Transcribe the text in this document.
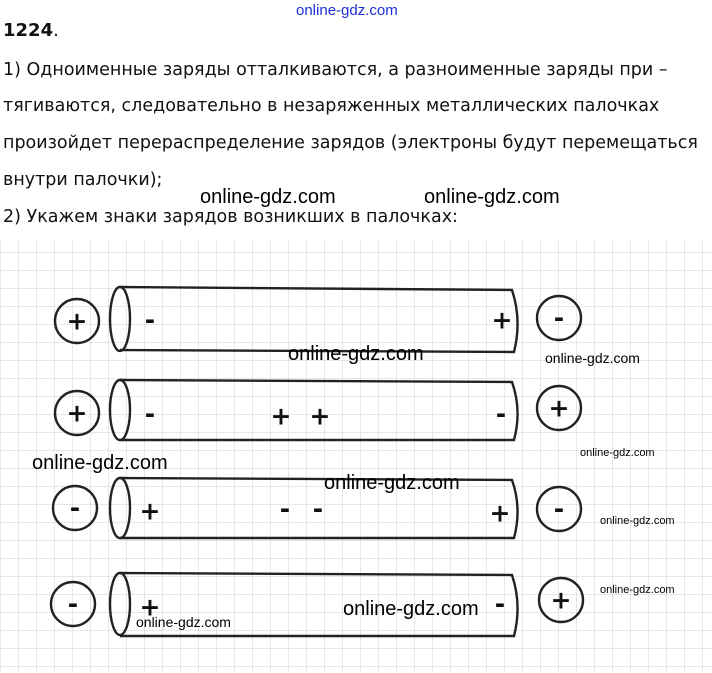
online-gdz.com
1224.
1) Одноименные заряды отталкиваются, а разноименные заряды при –
тягиваются, следовательно в незаряженных металлических палочках
произойдет перераспределение зарядов (электроны будут перемещаться
внутри палочки);
2) Укажем знаки зарядов возникших в палочках:
+	-
+	+
-	-
-	+
-	+
-	+ +	-
+	- -	+
+	-
online-gdz.com	online-gdz.com
online-gdz.com	online-gdz.com
online-gdz.com	online-gdz.com
online-gdz.com
online-gdz.com
online-gdz.com
online-gdz.com
online-gdz.com
